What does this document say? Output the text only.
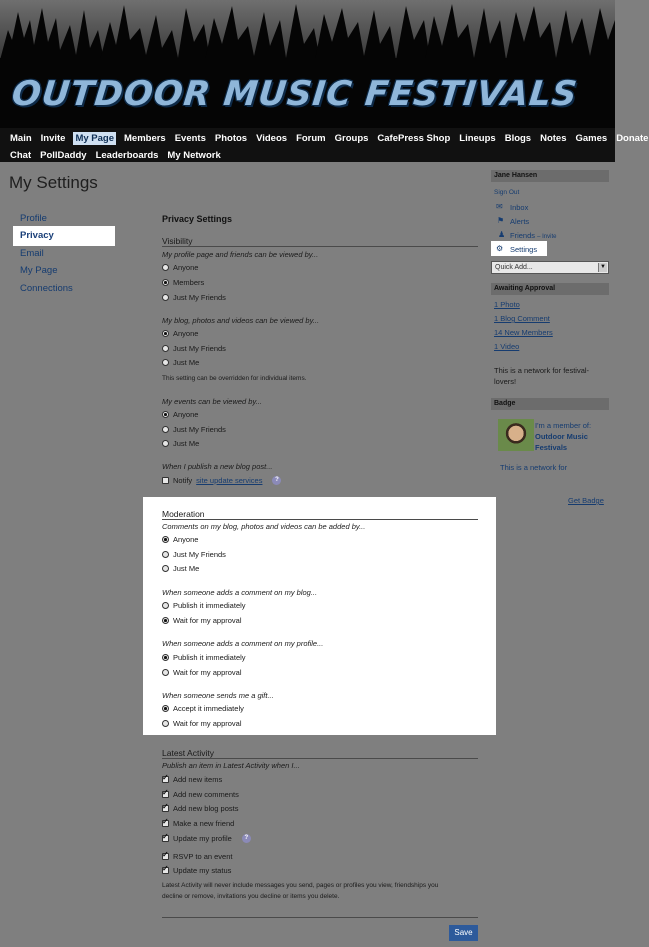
OUTDOOR MUSIC FESTIVALS
Main Invite My Page Members Events Photos Videos Forum Groups CafePress Shop Lineups Blogs Notes Games Donate
Chat PollDaddy Leaderboards My Network
My Settings
Profile
Privacy
Email
My Page
Connections
Privacy Settings
Visibility
My profile page and friends can be viewed by...
Anyone
Members
Just My Friends
My blog, photos and videos can be viewed by...
Anyone
Just My Friends
Just Me
This setting can be overridden for individual items.
My events can be viewed by...
Anyone
Just My Friends
Just Me
When I publish a new blog post...
Notify site update services	?
Moderation
Comments on my blog, photos and videos can be added by...
Anyone
Just My Friends
Just Me
When someone adds a comment on my blog...
Publish it immediately
Wait for my approval
When someone adds a comment on my profile...
Publish it immediately
Wait for my approval
When someone sends me a gift...
Accept it immediately
Wait for my approval
Latest Activity
Publish an item in Latest Activity when I...
✓
Add new items
✓
Add new comments
✓
Add new blog posts
✓
Make a new friend
✓
Update my profile	?
✓
RSVP to an event
✓
Update my status
Latest Activity will never include messages you send, pages or profiles you view, friendships you
decline or remove, invitations you decline or items you delete.
Save
Jane Hansen
Sign Out
✉ Inbox
⚑ Alerts
♟ Friends – Invite
⚙ Settings
Quick Add...	▼
Awaiting Approval
1 Photo
1 Blog Comment
14 New Members
1 Video
This is a network for festival-
lovers!
Badge
I'm a member of:
Outdoor Music
Festivals
This is a network for
Get Badge
